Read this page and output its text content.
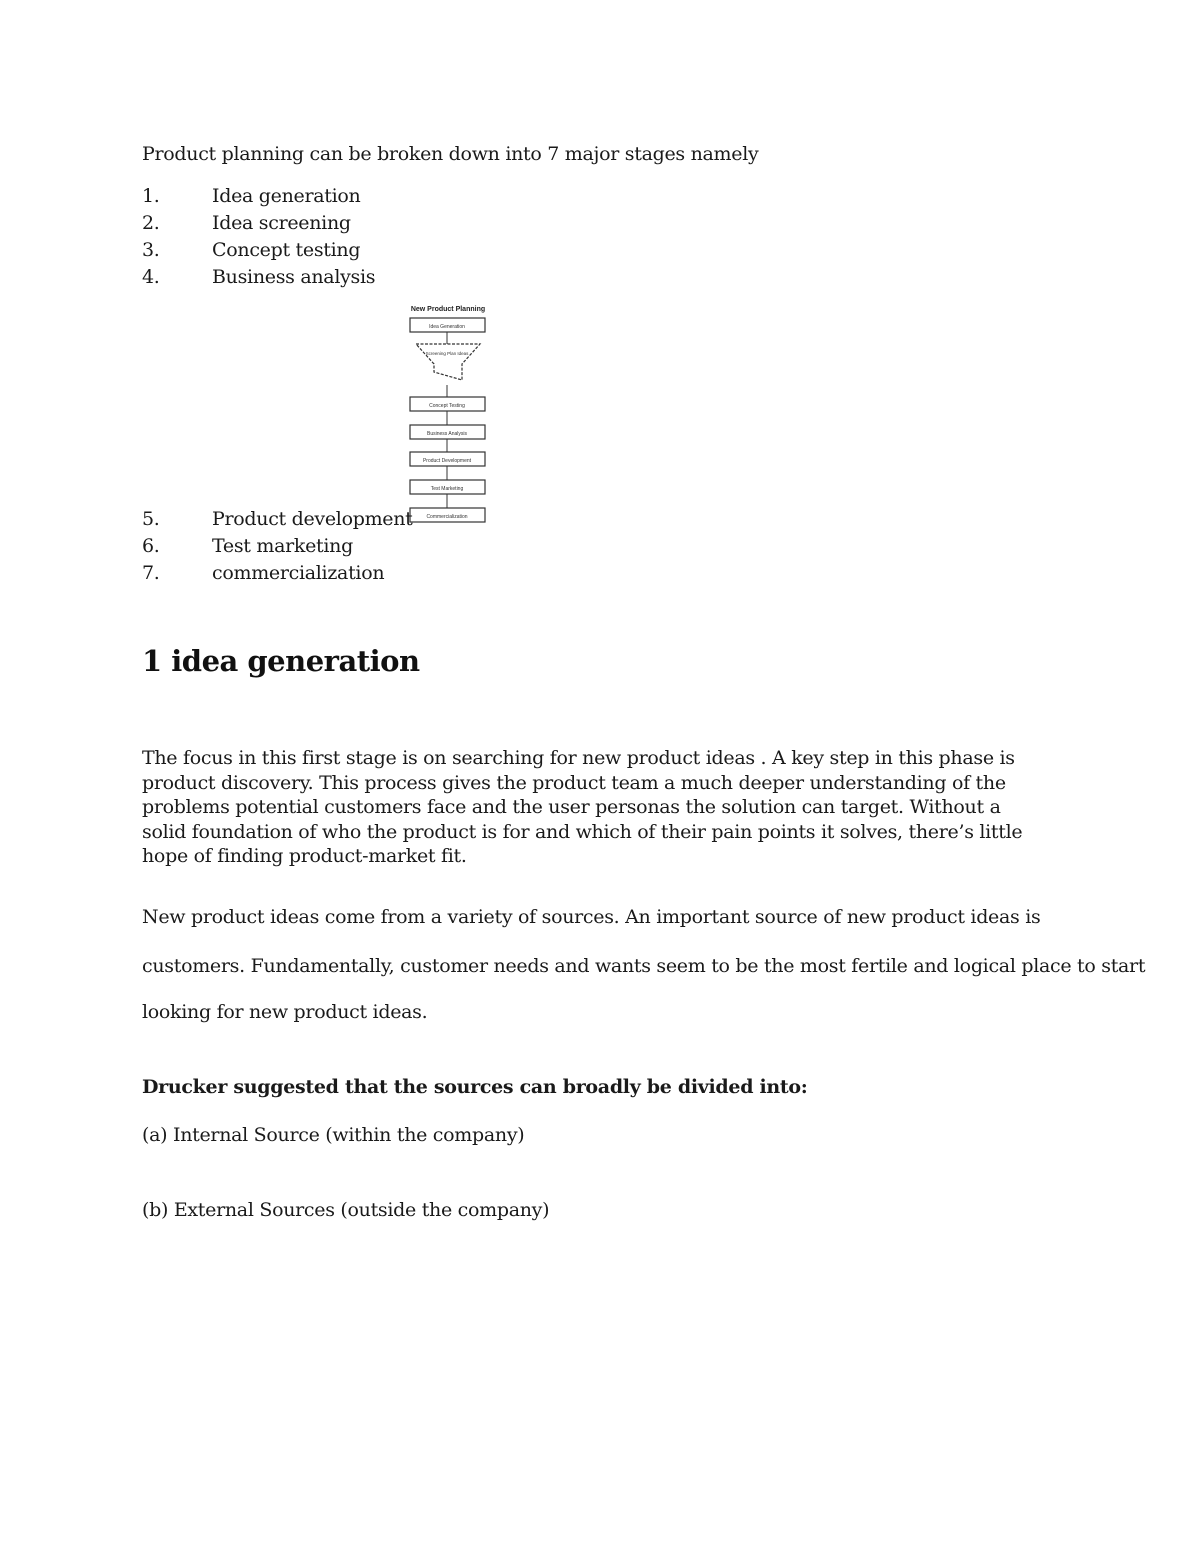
Product planning can be broken down into 7 major stages namely
1.	Idea generation
2.	Idea screening
3.	Concept testing
4.	Business analysis
New Product Planning
Idea Generation
Screening Plan Ideas
Concept Testing
Business Analysis
Product Development
Test Marketing
Commercialization
5.	Product development
6.	Test marketing
7.	commercialization
1 idea generation
The focus in this first stage is on searching for new product ideas . A key step in this phase is product discovery. This process gives the product team a much deeper understanding of the problems potential customers face and the user personas the solution can target. Without a solid foundation of who the product is for and which of their pain points it solves, there’s little hope of finding product-market fit.
New product ideas come from a variety of sources. An important source of new product ideas is
customers. Fundamentally, customer needs and wants seem to be the most fertile and logical place to start
looking for new product ideas.
Drucker suggested that the sources can broadly be divided into:
(a) Internal Source (within the company)
(b) External Sources (outside the company)
